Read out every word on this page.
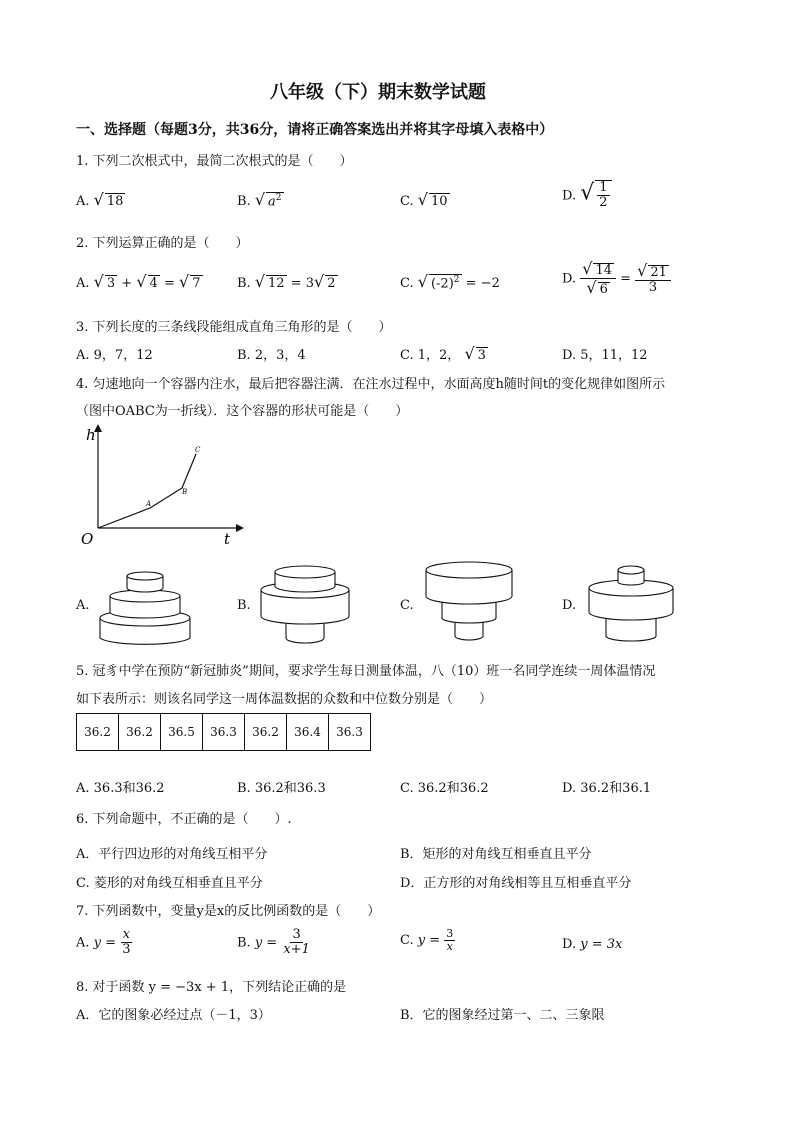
八年级（下）期末数学试题
一、选择题（每题3分，共36分，请将正确答案选出并将其字母填入表格中）
1. 下列二次根式中，最简二次根式的是（　　）
A. √ 18	B. √ $a^2$	C. √ 10	D. √ $\frac{1}{2}$
2. 下列运算正确的是（　　）
A. √ 3 + √ 4 = √ 7	B. √ 12 = 3√ 2	C. √ $(-2)^2 = -2$	D. $\frac{√ 14}{√ 6} = \frac{√ 21}{3}$
3. 下列长度的三条线段能组成直角三角形的是（　　）
A. 9，7，12	B. 2，3，4	C. 1，2， √ 3	D. 5，11，12
4. 匀速地向一个容器内注水，最后把容器注满．在注水过程中，水面高度h随时间t的变化规律如图所示
（图中OABC为一折线）．这个容器的形状可能是（　　）
h
t
O
A
B
C
A.	B.	C.	D.
5. 冠豸中学在预防“新冠肺炎”期间，要求学生每日测量体温，八（10）班一名同学连续一周体温情况
如下表所示：则该名同学这一周体温数据的众数和中位数分别是（　　）
36.2	36.2	36.5	36.3	36.2	36.4	36.3
A. 36.3和36.2	B. 36.2和36.3	C. 36.2和36.2	D. 36.2和36.1
6. 下列命题中，不正确的是（　　）.
A．平行四边形的对角线互相平分	B．矩形的对角线互相垂直且平分
C. 菱形的对角线互相垂直且平分	D．正方形的对角线相等且互相垂直平分
7. 下列函数中，变量y是x的反比例函数的是（　　）
A. $y = \frac{x}{3}$	B. $y = \frac{3}{x+1}$	C. $y = \frac{3}{x}$	D. y = 3x
8. 对于函数 y = −3x + 1，下列结论正确的是
A．它的图象必经过点（－1，3）	B．它的图象经过第一、二、三象限
